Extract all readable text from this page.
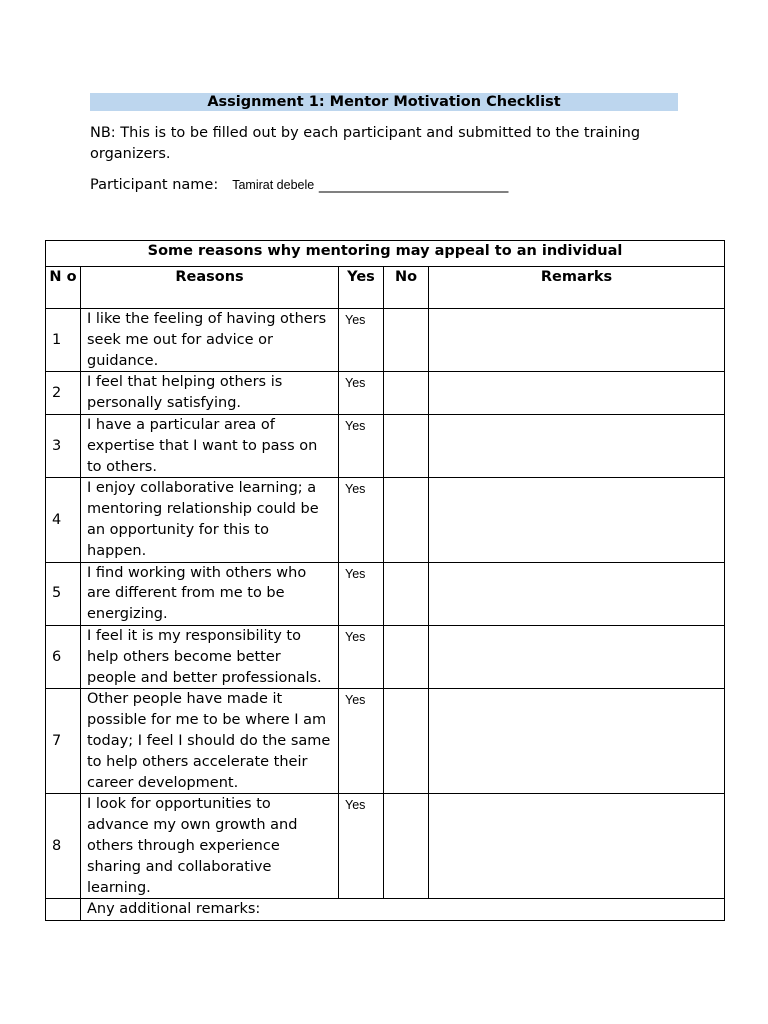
Assignment 1: Mentor Motivation Checklist
NB: This is to be filled out by each participant and submitted to the training organizers.
Participant name: Tamirat debele ____________________________
Some reasons why mentoring may appeal to an individual				
N o	Reasons	Yes	No	Remarks
1	I like the feeling of having others seek me out for advice or guidance.	Yes		
2	I feel that helping others is personally satisfying.	Yes		
3	I have a particular area of expertise that I want to pass on to others.	Yes		
4	I enjoy collaborative learning; a mentoring relationship could be an opportunity for this to happen.	Yes		
5	I find working with others who are different from me to be energizing.	Yes		
6	I feel it is my responsibility to help others become better people and better professionals.	Yes		
7	Other people have made it possible for me to be where I am today; I feel I should do the same to help others accelerate their career development.	Yes		
8	I look for opportunities to advance my own growth and others through experience sharing and collaborative learning.	Yes		
	Any additional remarks:			
